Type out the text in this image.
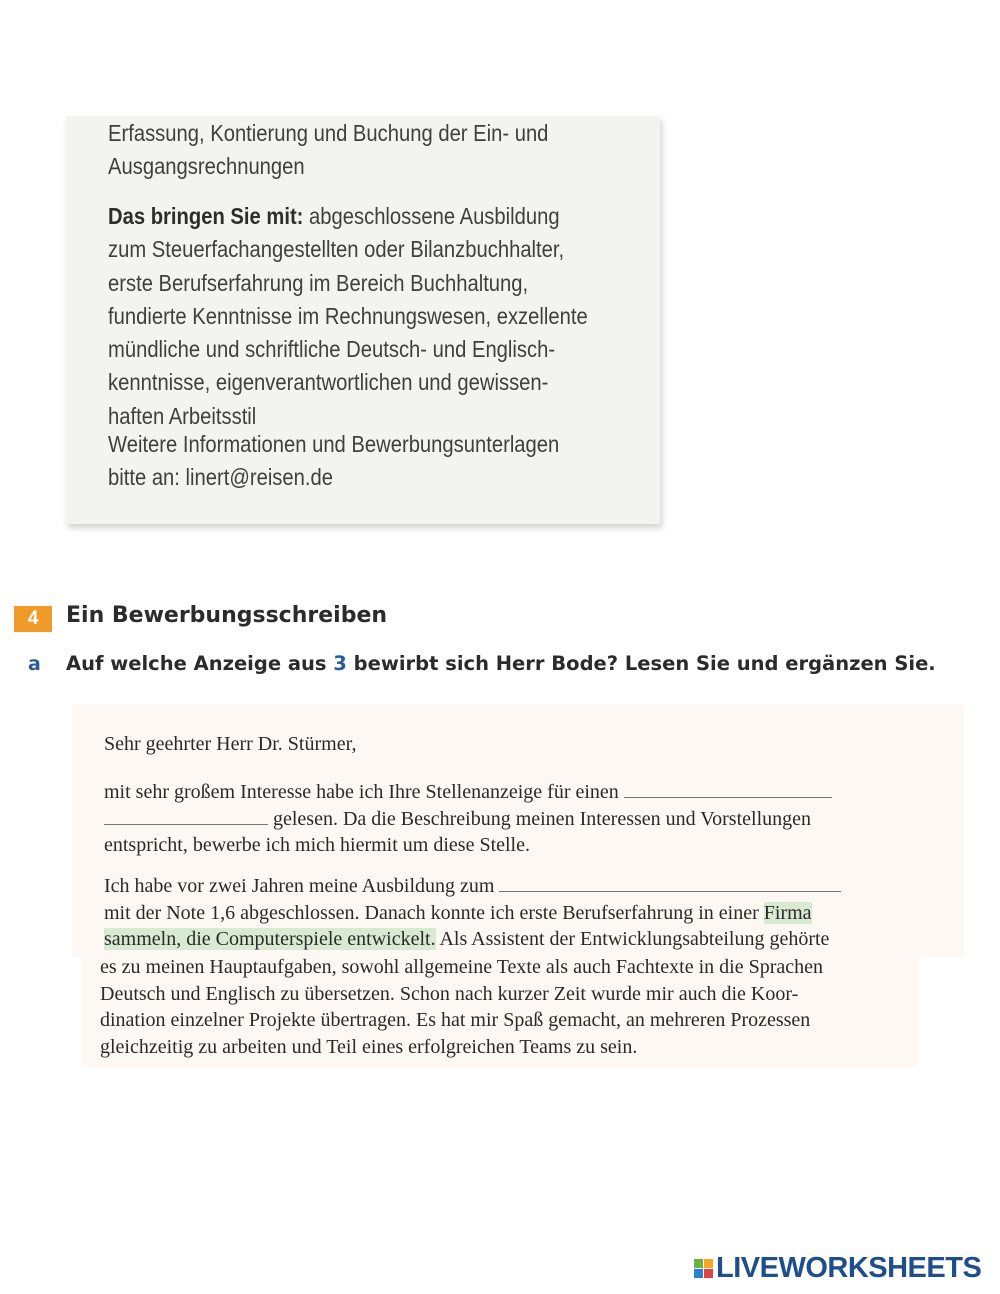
Erfassung, Kontierung und Buchung der Ein- und
Ausgangsrechnungen
Das bringen Sie mit: abgeschlossene Ausbildung
zum Steuerfachangestellten oder Bilanzbuchhalter,
erste Berufserfahrung im Bereich Buchhaltung,
fundierte Kenntnisse im Rechnungswesen, exzellente
mündliche und schriftliche Deutsch- und Englisch-
kenntnisse, eigenverantwortlichen und gewissen-
haften Arbeitsstil
Weitere Informationen und Bewerbungsunterlagen
bitte an: linert@reisen.de
4	Ein Bewerbungsschreiben
a Auf welche Anzeige aus 3 bewirbt sich Herr Bode? Lesen Sie und ergänzen Sie.
Sehr geehrter Herr Dr. Stürmer,
mit sehr großem Interesse habe ich Ihre Stellenanzeige für einen
gelesen. Da die Beschreibung meinen Interessen und Vorstellungen
entspricht, bewerbe ich mich hiermit um diese Stelle.
Ich habe vor zwei Jahren meine Ausbildung zum
mit der Note 1,6 abgeschlossen. Danach konnte ich erste Berufserfahrung in einer Firma
sammeln, die Computerspiele entwickelt. Als Assistent der Entwicklungsabteilung gehörte
es zu meinen Hauptaufgaben, sowohl allgemeine Texte als auch Fachtexte in die Sprachen
Deutsch und Englisch zu übersetzen. Schon nach kurzer Zeit wurde mir auch die Koor-
dination einzelner Projekte übertragen. Es hat mir Spaß gemacht, an mehreren Prozessen
gleichzeitig zu arbeiten und Teil eines erfolgreichen Teams zu sein.
LIVEWORKSHEETS
